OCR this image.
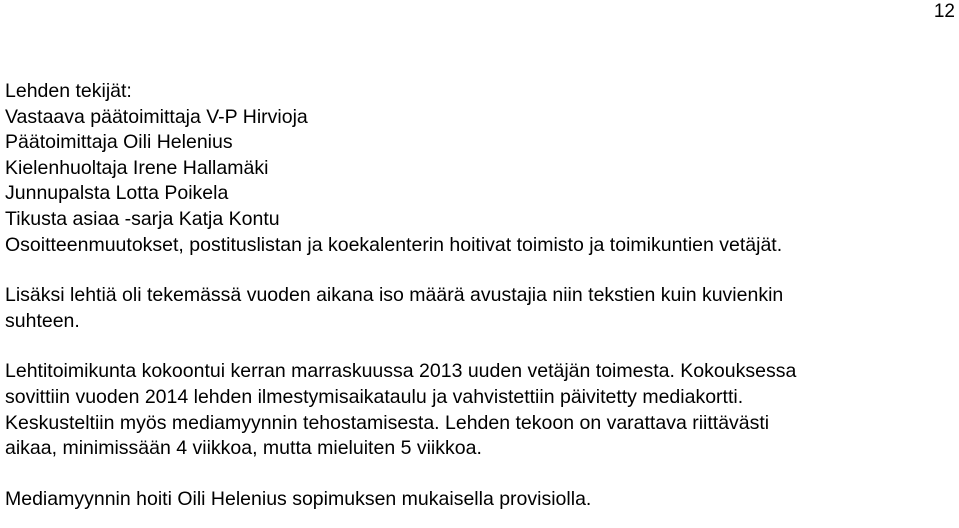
12
Lehden tekijät:
Vastaava päätoimittaja V-P Hirvioja
Päätoimittaja Oili Helenius
Kielenhuoltaja Irene Hallamäki
Junnupalsta Lotta Poikela
Tikusta asiaa -sarja Katja Kontu
Osoitteenmuutokset, postituslistan ja koekalenterin hoitivat toimisto ja toimikuntien vetäjät.
Lisäksi lehtiä oli tekemässä vuoden aikana iso määrä avustajia niin tekstien kuin kuvienkin
suhteen.
Lehtitoimikunta kokoontui kerran marraskuussa 2013 uuden vetäjän toimesta. Kokouksessa
sovittiin vuoden 2014 lehden ilmestymisaikataulu ja vahvistettiin päivitetty mediakortti.
Keskusteltiin myös mediamyynnin tehostamisesta. Lehden tekoon on varattava riittävästi
aikaa, minimissään 4 viikkoa, mutta mieluiten 5 viikkoa.
Mediamyynnin hoiti Oili Helenius sopimuksen mukaisella provisiolla.
